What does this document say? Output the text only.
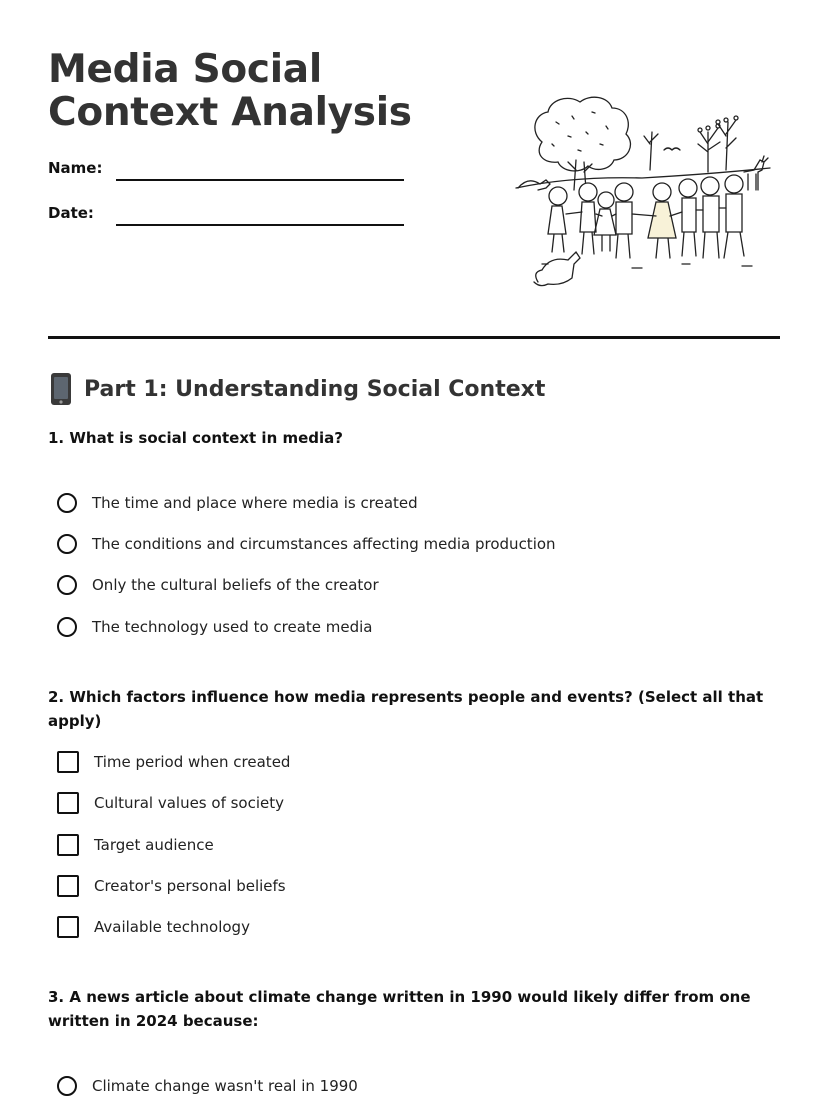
Media Social Context Analysis
Name:
Date:
Part 1: Understanding Social Context

1. What is social context in media?

The time and place where media is created
The conditions and circumstances affecting media production
Only the cultural beliefs of the creator
The technology used to create media

2. Which factors influence how media represents people and events? (Select all that apply)

Time period when created
Cultural values of society
Target audience
Creator's personal beliefs
Available technology

3. A news article about climate change written in 1990 would likely differ from one written in 2024 because:

Climate change wasn't real in 1990
